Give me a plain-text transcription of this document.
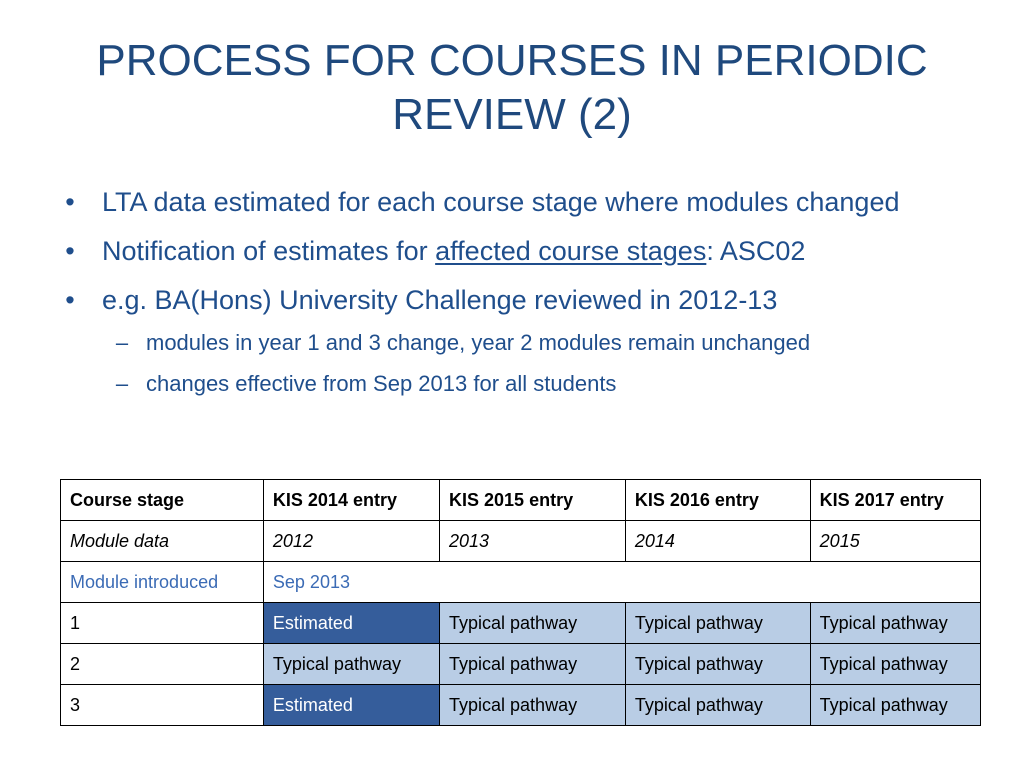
PROCESS FOR COURSES IN PERIODIC REVIEW (2)
• LTA data estimated for each course stage where modules changed
• Notification of estimates for affected course stages: ASC02
• e.g. BA(Hons) University Challenge reviewed in 2012-13
– modules in year 1 and 3 change, year 2 modules remain unchanged
– changes effective from Sep 2013 for all students
Course stage	KIS 2014 entry	KIS 2015 entry	KIS 2016 entry	KIS 2017 entry
Module data	2012	2013	2014	2015
Module introduced	Sep 2013			
1	Estimated	Typical pathway	Typical pathway	Typical pathway
2	Typical pathway	Typical pathway	Typical pathway	Typical pathway
3	Estimated	Typical pathway	Typical pathway	Typical pathway
